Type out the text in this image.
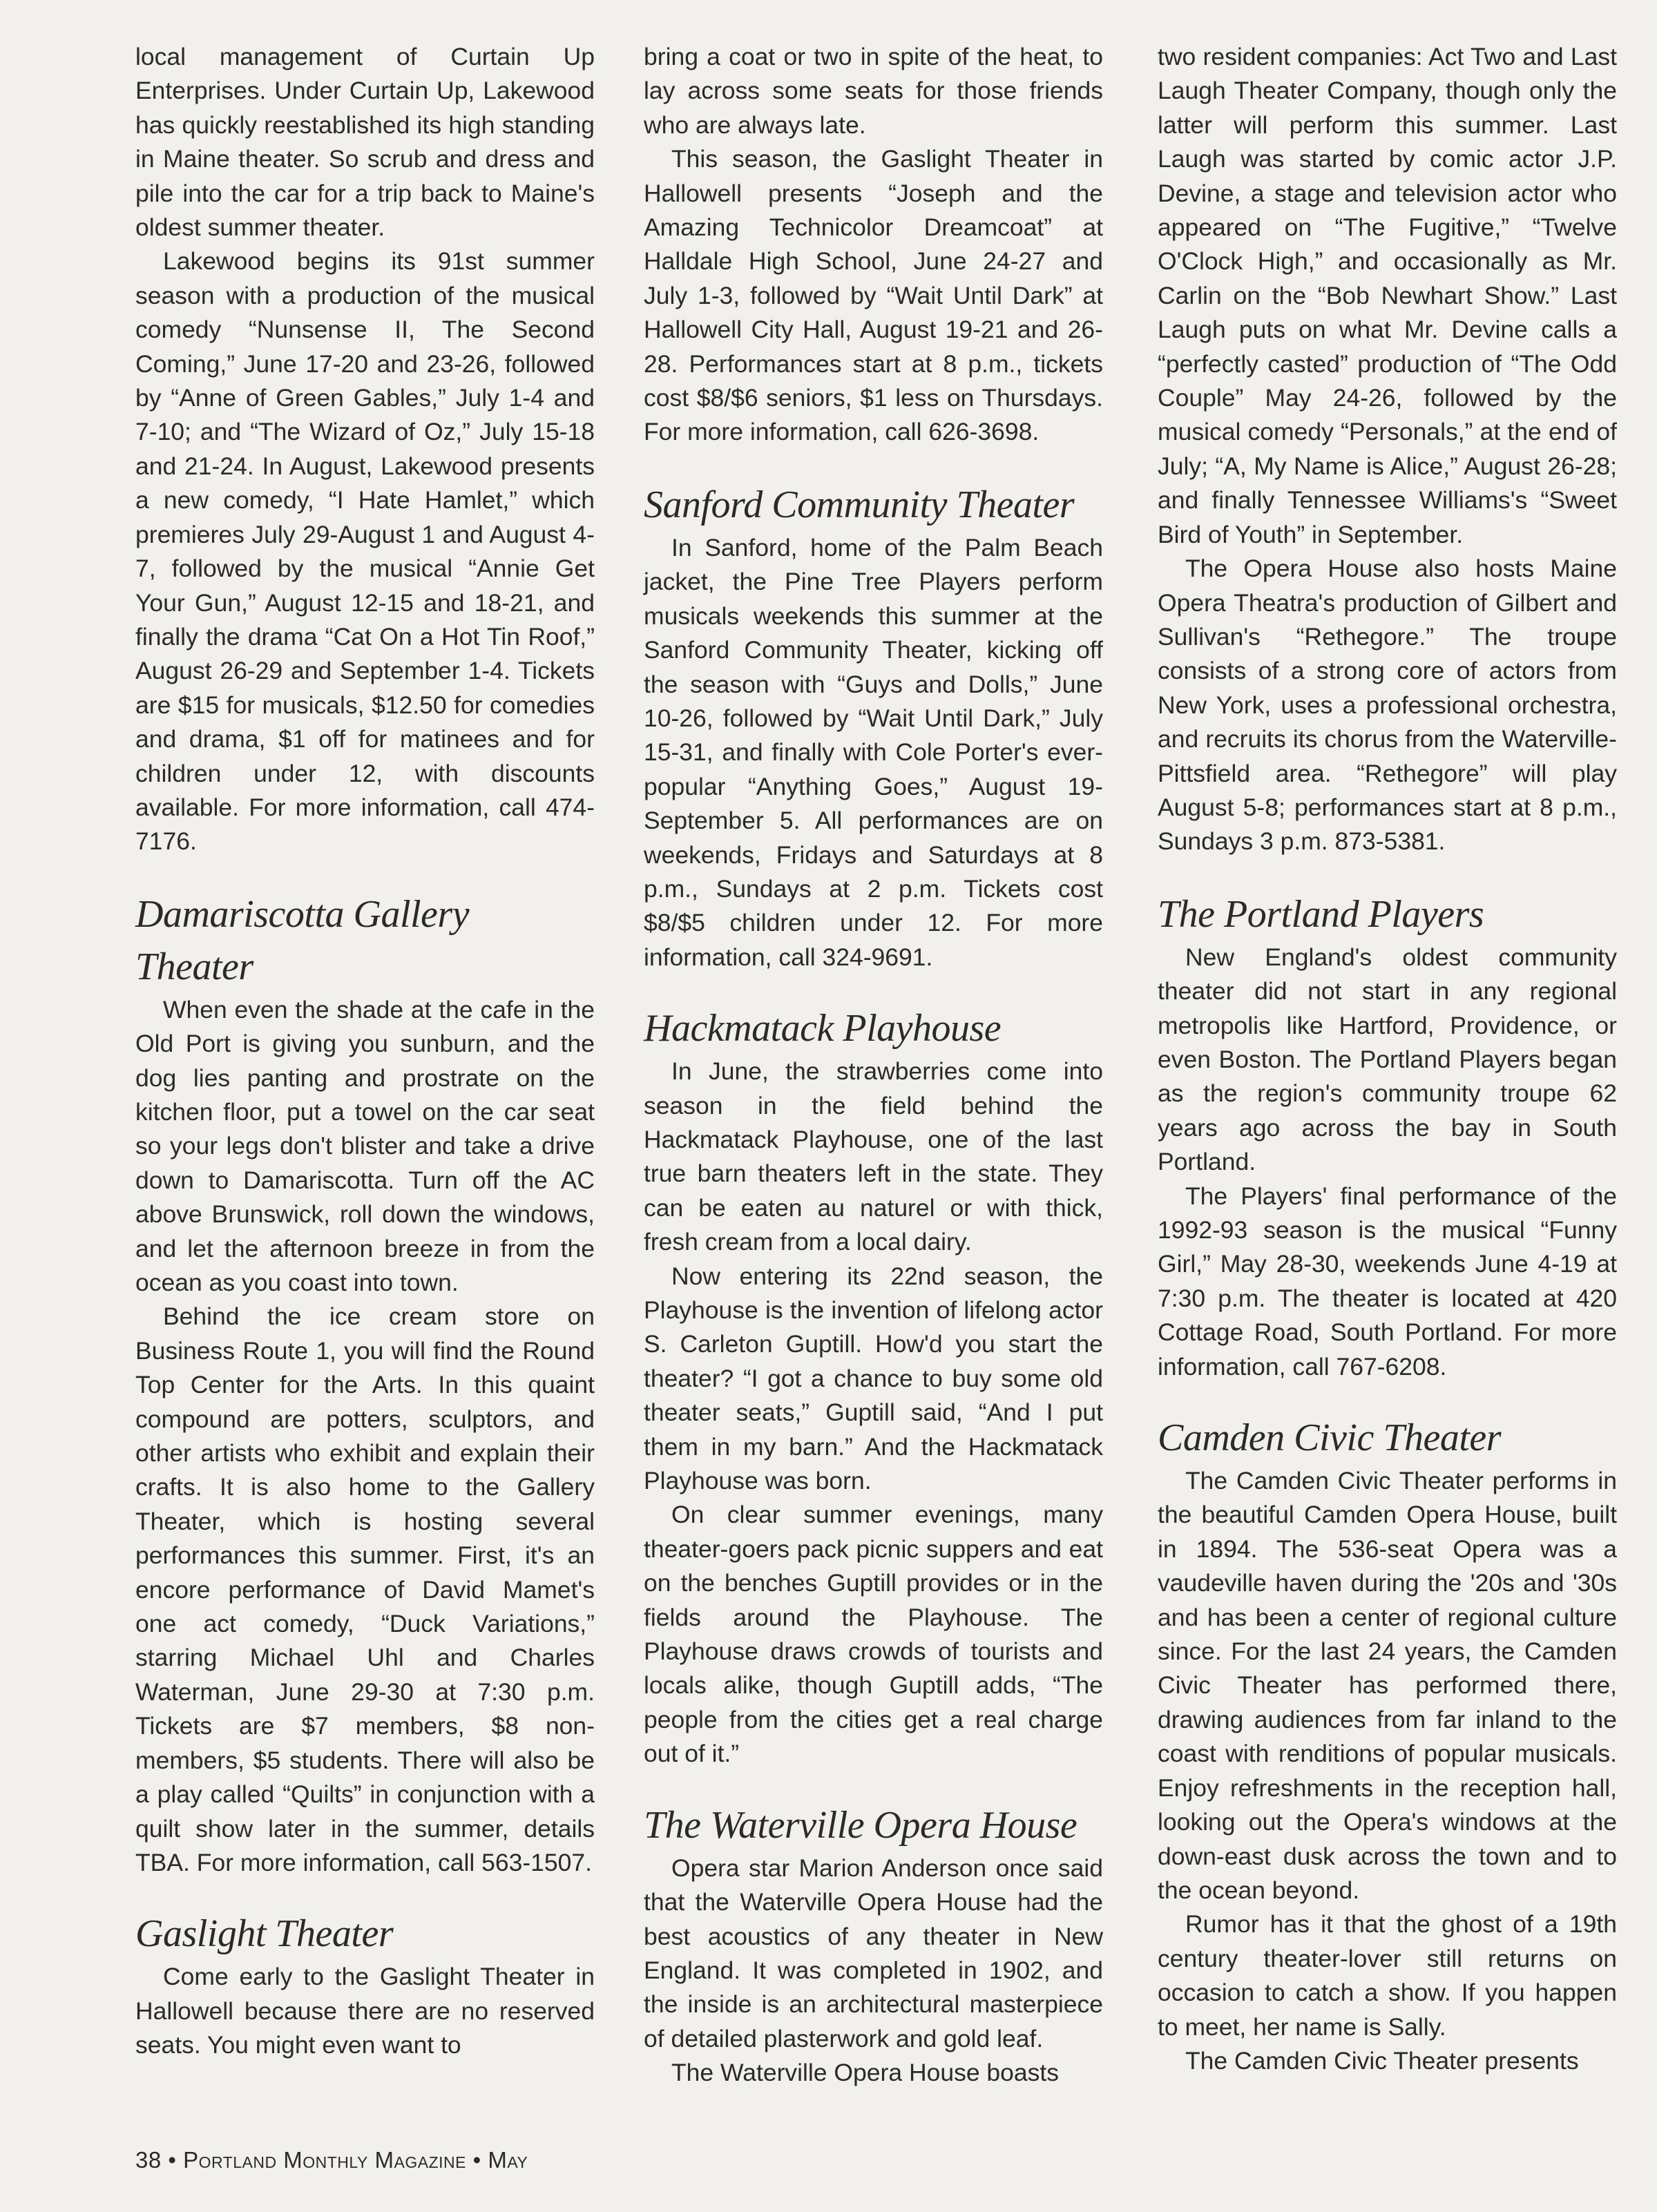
local management of Curtain Up Enterprises. Under Curtain Up, Lakewood has quickly reestablished its high standing in Maine theater. So scrub and dress and pile into the car for a trip back to Maine's oldest summer theater.

Lakewood begins its 91st summer season with a production of the musical comedy “Nunsense II, The Second Coming,” June 17-20 and 23-26, followed by “Anne of Green Gables,” July 1-4 and 7-10; and “The Wizard of Oz,” July 15-18 and 21-24. In August, Lakewood presents a new comedy, “I Hate Hamlet,” which premieres July 29-August 1 and August 4-7, followed by the musical “Annie Get Your Gun,” August 12-15 and 18-21, and finally the drama “Cat On a Hot Tin Roof,” August 26-29 and September 1-4. Tickets are $15 for musicals, $12.50 for comedies and drama, $1 off for matinees and for children under 12, with discounts available. For more information, call 474-7176.

Damariscotta Gallery Theater

When even the shade at the cafe in the Old Port is giving you sunburn, and the dog lies panting and prostrate on the kitchen floor, put a towel on the car seat so your legs don't blister and take a drive down to Damariscotta. Turn off the AC above Brunswick, roll down the windows, and let the afternoon breeze in from the ocean as you coast into town.

Behind the ice cream store on Business Route 1, you will find the Round Top Center for the Arts. In this quaint compound are potters, sculptors, and other artists who exhibit and explain their crafts. It is also home to the Gallery Theater, which is hosting several performances this summer. First, it's an encore performance of David Mamet's one act comedy, “Duck Variations,” starring Michael Uhl and Charles Waterman, June 29-30 at 7:30 p.m. Tickets are $7 members, $8 non-members, $5 students. There will also be a play called “Quilts” in conjunction with a quilt show later in the summer, details TBA. For more information, call 563-1507.

Gaslight Theater

Come early to the Gaslight Theater in Hallowell because there are no reserved seats. You might even want to

bring a coat or two in spite of the heat, to lay across some seats for those friends who are always late.

This season, the Gaslight Theater in Hallowell presents “Joseph and the Amazing Technicolor Dreamcoat” at Halldale High School, June 24-27 and July 1-3, followed by “Wait Until Dark” at Hallowell City Hall, August 19-21 and 26-28. Performances start at 8 p.m., tickets cost $8/$6 seniors, $1 less on Thursdays. For more information, call 626-3698.

Sanford Community Theater

In Sanford, home of the Palm Beach jacket, the Pine Tree Players perform musicals weekends this summer at the Sanford Community Theater, kicking off the season with “Guys and Dolls,” June 10-26, followed by “Wait Until Dark,” July 15-31, and finally with Cole Porter's ever-popular “Anything Goes,” August 19-September 5. All performances are on weekends, Fridays and Saturdays at 8 p.m., Sundays at 2 p.m. Tickets cost $8/$5 children under 12. For more information, call 324-9691.

Hackmatack Playhouse

In June, the strawberries come into season in the field behind the Hackmatack Playhouse, one of the last true barn theaters left in the state. They can be eaten au naturel or with thick, fresh cream from a local dairy.

Now entering its 22nd season, the Playhouse is the invention of lifelong actor S. Carleton Guptill. How'd you start the theater? “I got a chance to buy some old theater seats,” Guptill said, “And I put them in my barn.” And the Hackmatack Playhouse was born.

On clear summer evenings, many theater-goers pack picnic suppers and eat on the benches Guptill provides or in the fields around the Playhouse. The Playhouse draws crowds of tourists and locals alike, though Guptill adds, “The people from the cities get a real charge out of it.”

The Waterville Opera House

Opera star Marion Anderson once said that the Waterville Opera House had the best acoustics of any theater in New England. It was completed in 1902, and the inside is an architectural masterpiece of detailed plasterwork and gold leaf.

The Waterville Opera House boasts

two resident companies: Act Two and Last Laugh Theater Company, though only the latter will perform this summer. Last Laugh was started by comic actor J.P. Devine, a stage and television actor who appeared on “The Fugitive,” “Twelve O'Clock High,” and occasionally as Mr. Carlin on the “Bob Newhart Show.” Last Laugh puts on what Mr. Devine calls a “perfectly casted” production of “The Odd Couple” May 24-26, followed by the musical comedy “Personals,” at the end of July; “A, My Name is Alice,” August 26-28; and finally Tennessee Williams's “Sweet Bird of Youth” in September.

The Opera House also hosts Maine Opera Theatra's production of Gilbert and Sullivan's “Rethegore.” The troupe consists of a strong core of actors from New York, uses a professional orchestra, and recruits its chorus from the Waterville-Pittsfield area. “Rethegore” will play August 5-8; performances start at 8 p.m., Sundays 3 p.m. 873-5381.

The Portland Players

New England's oldest community theater did not start in any regional metropolis like Hartford, Providence, or even Boston. The Portland Players began as the region's community troupe 62 years ago across the bay in South Portland.

The Players' final performance of the 1992-93 season is the musical “Funny Girl,” May 28-30, weekends June 4-19 at 7:30 p.m. The theater is located at 420 Cottage Road, South Portland. For more information, call 767-6208.

Camden Civic Theater

The Camden Civic Theater performs in the beautiful Camden Opera House, built in 1894. The 536-seat Opera was a vaudeville haven during the '20s and '30s and has been a center of regional culture since. For the last 24 years, the Camden Civic Theater has performed there, drawing audiences from far inland to the coast with renditions of popular musicals. Enjoy refreshments in the reception hall, looking out the Opera's windows at the down-east dusk across the town and to the ocean beyond.

Rumor has it that the ghost of a 19th century theater-lover still returns on occasion to catch a show. If you happen to meet, her name is Sally.

The Camden Civic Theater presents

38 • Portland Monthly Magazine • May
